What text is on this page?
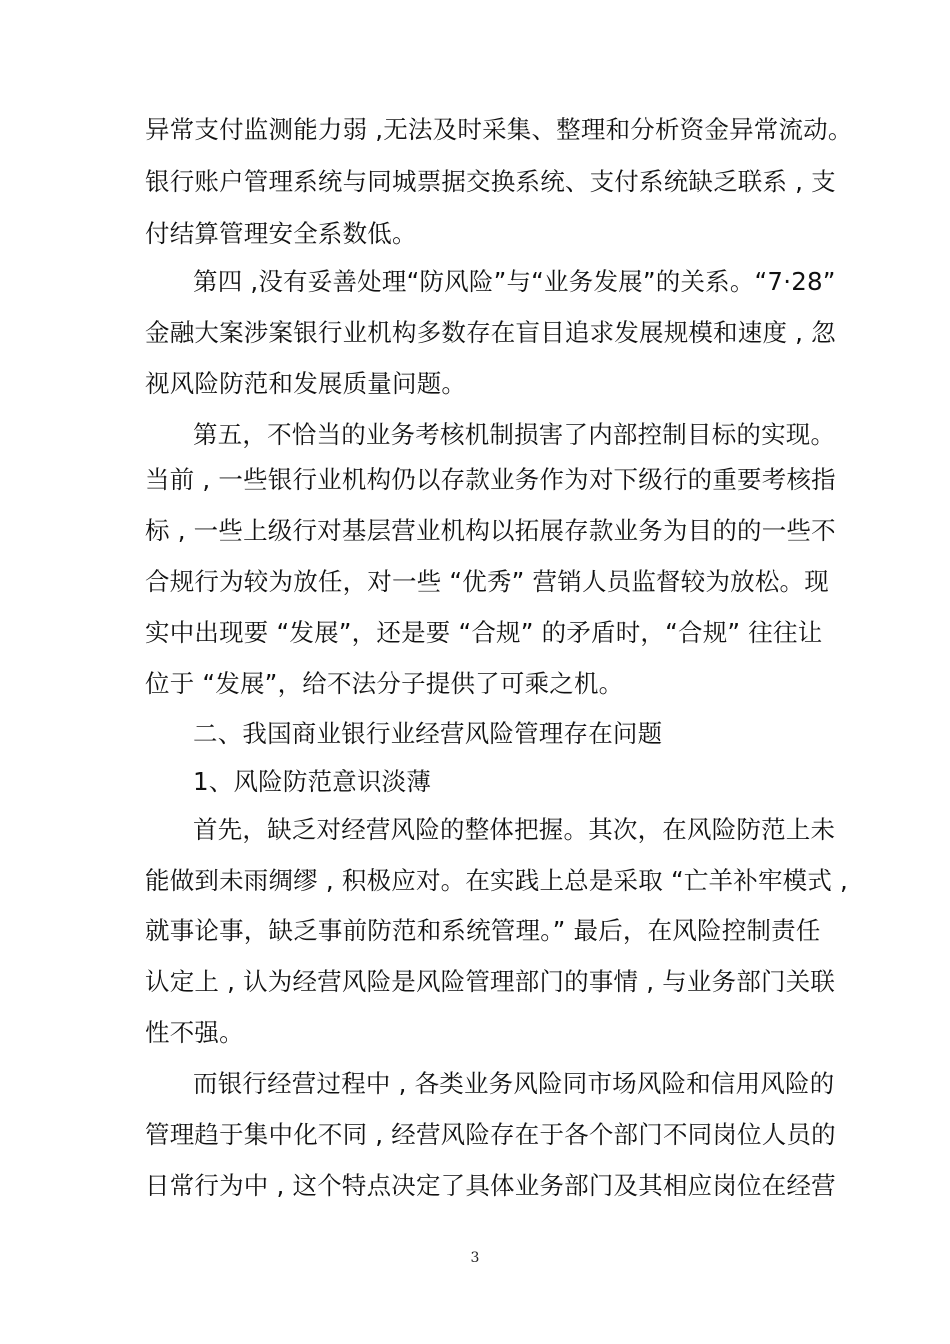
异常支付监测能力弱 ,无法及时采集、整理和分析资金异常流动。
银行账户管理系统与同城票据交换系统、支付系统缺乏联系 , 支
付结算管理安全系数低。
第四 ,没有妥善处理“防风险”与“业务发展”的关系。“7·28”
金融大案涉案银行业机构多数存在盲目追求发展规模和速度 , 忽
视风险防范和发展质量问题。
第五，不恰当的业务考核机制损害了内部控制目标的实现。
当前 , 一些银行业机构仍以存款业务作为对下级行的重要考核指
标 , 一些上级行对基层营业机构以拓展存款业务为目的的一些不
合规行为较为放任，对一些 “优秀” 营销人员监督较为放松。现
实中出现要 “发展”，还是要 “合规” 的矛盾时，“合规” 往往让
位于 “发展”，给不法分子提供了可乘之机。
二、我国商业银行业经营风险管理存在问题
1、风险防范意识淡薄
首先，缺乏对经营风险的整体把握。其次，在风险防范上未
能做到未雨绸缪 , 积极应对。在实践上总是采取 “亡羊补牢模式 ,
就事论事，缺乏事前防范和系统管理。” 最后，在风险控制责任
认定上 , 认为经营风险是风险管理部门的事情 , 与业务部门关联
性不强。
而银行经营过程中 , 各类业务风险同市场风险和信用风险的
管理趋于集中化不同 , 经营风险存在于各个部门不同岗位人员的
日常行为中 , 这个特点决定了具体业务部门及其相应岗位在经营
3
